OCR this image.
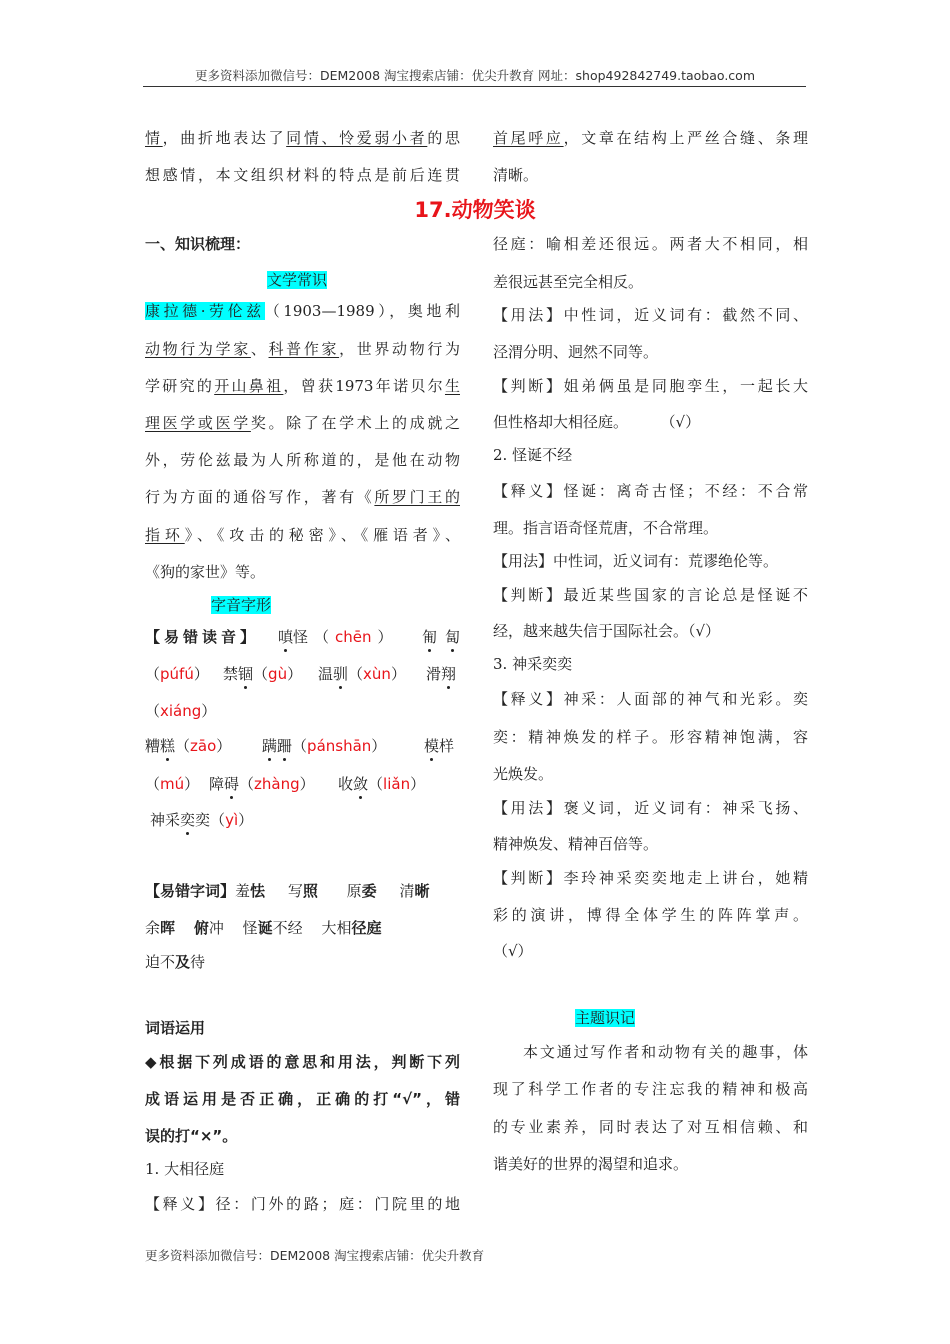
更多资料添加微信号：DEM2008 淘宝搜索店铺：优尖升教育 网址：shop492842749.taobao.com
情，曲折地表达了同情、怜爱弱小者的思
想感情，本文组织材料的特点是前后连贯
首尾呼应，文章在结构上严丝合缝、条理
清晰。
17.动物笑谈
一、知识梳理：
文学常识
康拉德·劳伦兹（1903—1989），奥地利
动物行为学家、科普作家，世界动物行为
学研究的开山鼻祖，曾获1973年诺贝尔生
理医学或医学奖。除了在学术上的成就之
外，劳伦兹最为人所称道的，是他在动物
行为方面的通俗写作，著有《所罗门王的
指环》、《攻击的秘密》、《雁语者》、
《狗的家世》等。
字音字形
【易错读音】 嗔怪 （ chēn ） 匍 匐
（púfú） 禁锢（gù） 温驯（xùn） 滑翔
（xiáng）
糟糕（zāo） 蹒跚（pánshān）	模样
（mú） 障碍（zhàng） 收敛（liǎn）
神采奕奕（yì）
【易错字词】羞怯 写照 原委 清晰
余晖 俯冲 怪诞不经 大相径庭
迫不及待
词语运用
◆根据下列成语的意思和用法，判断下列
成语运用是否正确，正确的打“√”，错
误的打“×”。
1. 大相径庭
【释义】径：门外的路；庭：门院里的地
径庭：喻相差还很远。两者大不相同，相
差很远甚至完全相反。
【用法】中性词，近义词有：截然不同、
泾渭分明、迥然不同等。
【判断】姐弟俩虽是同胞孪生，一起长大
但性格却大相径庭。	（√）
2. 怪诞不经
【释义】怪诞：离奇古怪；不经：不合常
理。指言语奇怪荒唐，不合常理。
【用法】中性词，近义词有：荒谬绝伦等。
【判断】最近某些国家的言论总是怪诞不
经，越来越失信于国际社会。（√）
3. 神采奕奕
【释义】神采：人面部的神气和光彩。奕
奕：精神焕发的样子。形容精神饱满，容
光焕发。
【用法】褒义词，近义词有：神采飞扬、
精神焕发、精神百倍等。
【判断】李玲神采奕奕地走上讲台，她精
彩的演讲，博得全体学生的阵阵掌声。
（√）
主题识记
本文通过写作者和动物有关的趣事，体
现了科学工作者的专注忘我的精神和极高
的专业素养，同时表达了对互相信赖、和
谐美好的世界的渴望和追求。
更多资料添加微信号：DEM2008 淘宝搜索店铺：优尖升教育
